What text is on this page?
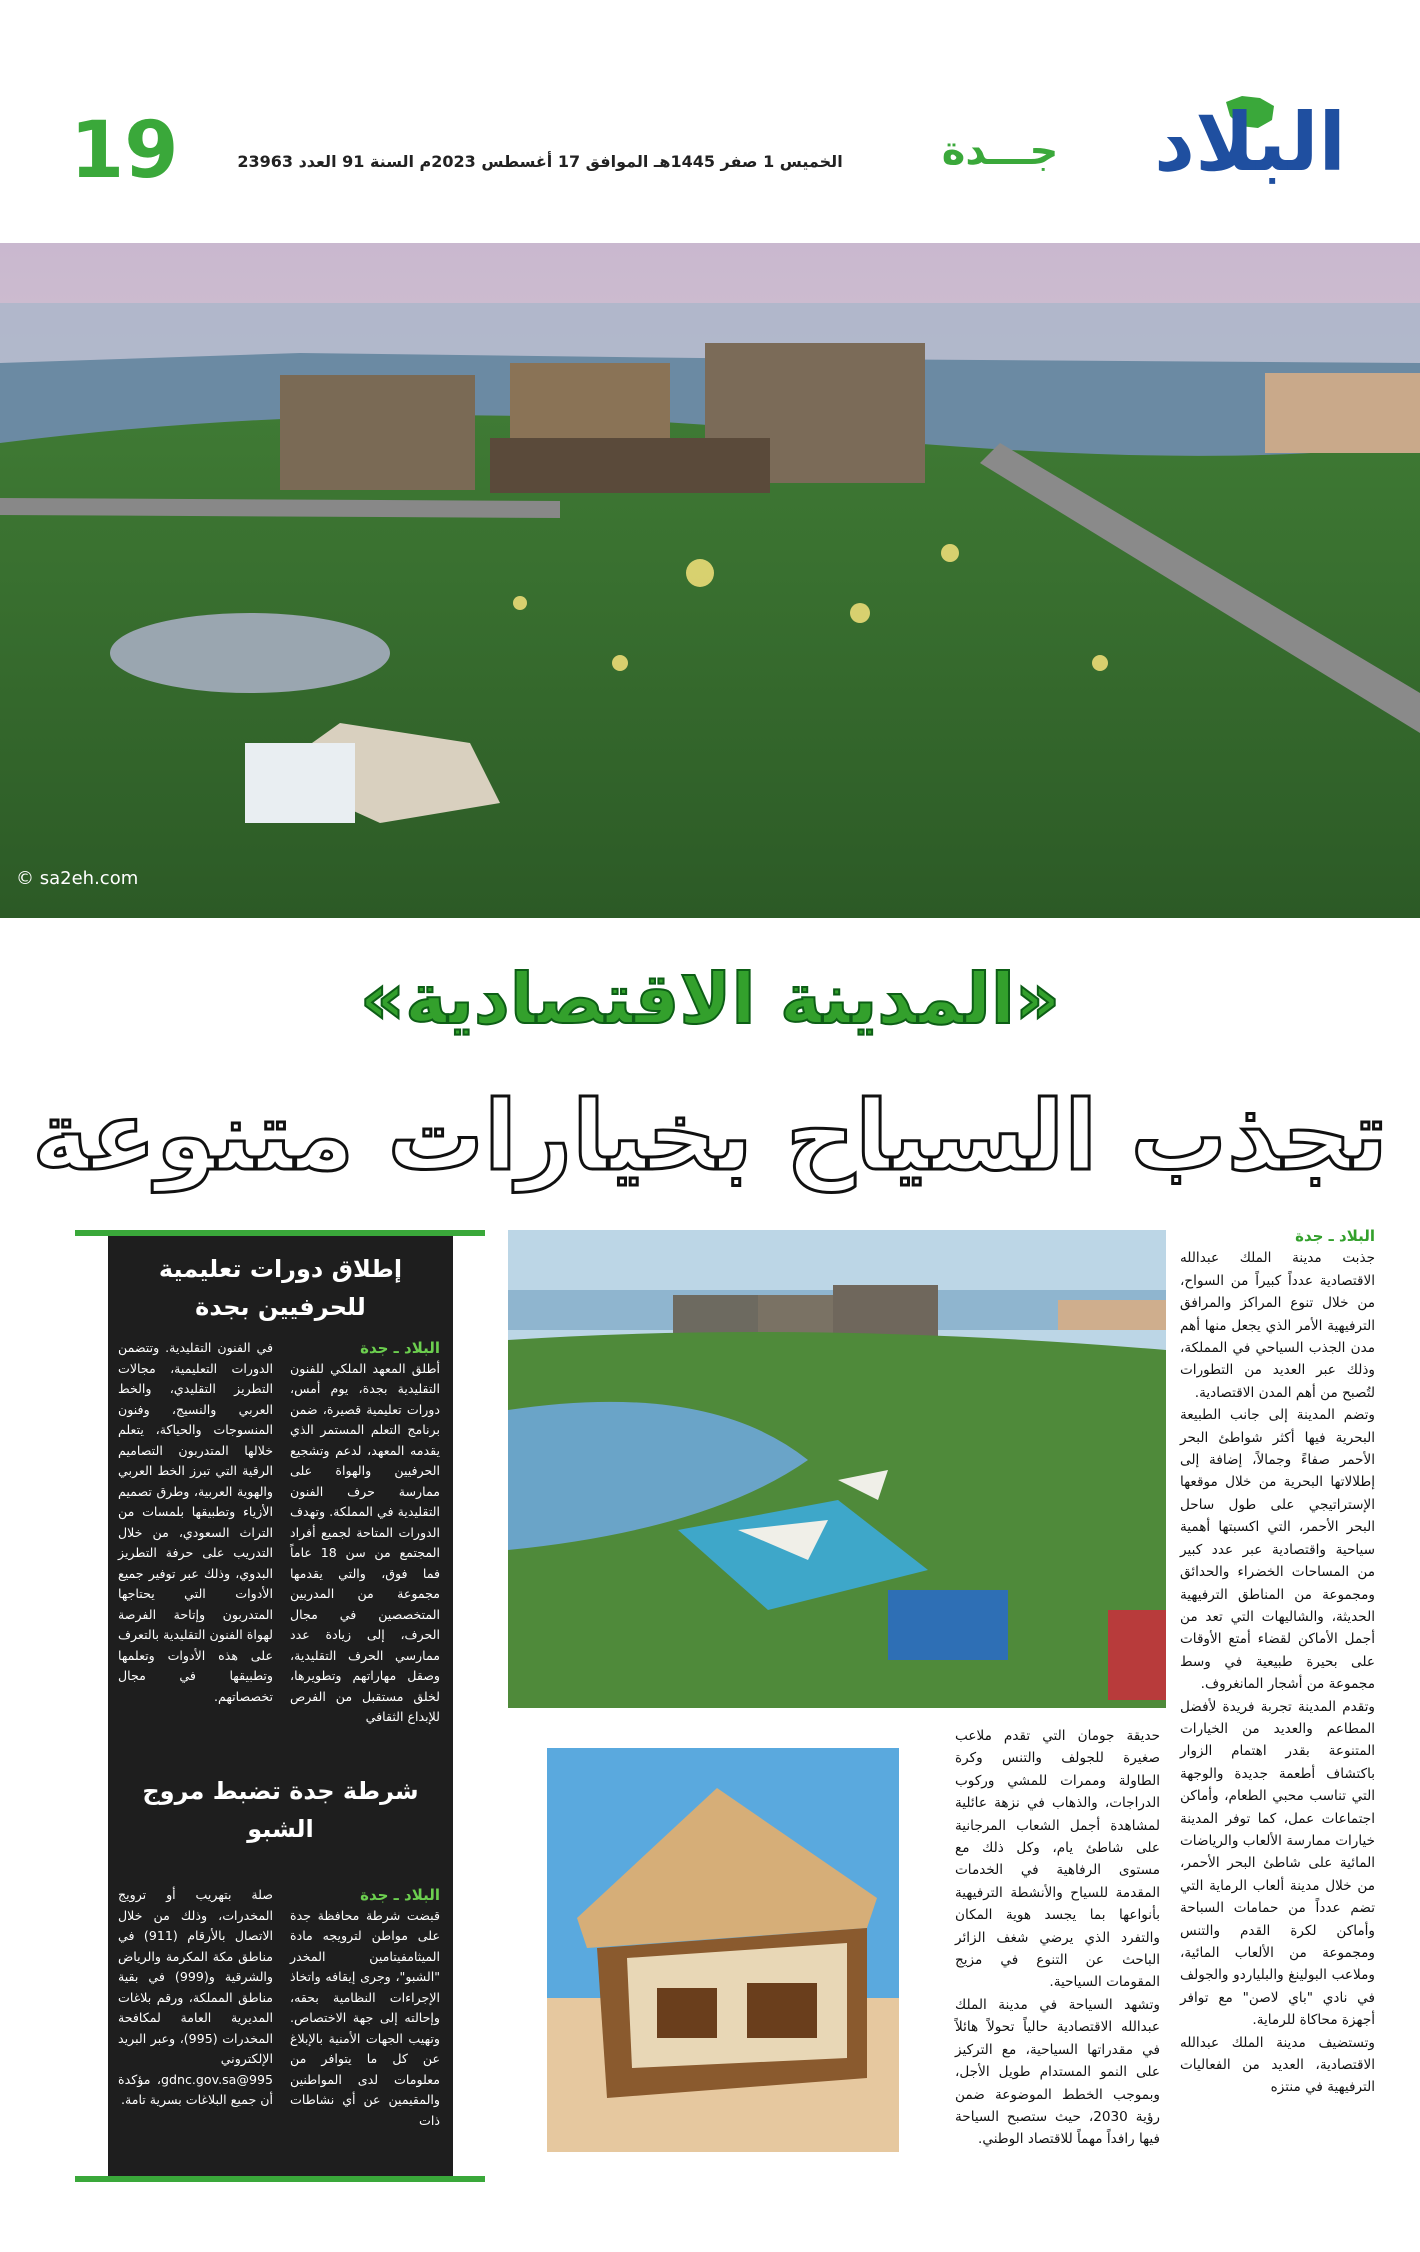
19	الخميس 1 صفر 1445هـ الموافق 17 أغسطس 2023م السنة 91 العدد 23963 جـــدة	البلاد
© sa2eh.com
«المدينة الاقتصادية»
تجذب السياح بخيارات متنوعة
البلاد ـ جدة
جذبت مدينة الملك عبدالله الاقتصادية عدداً كبيراً من السواح، من خلال تنوع المراكز والمرافق الترفيهية الأمر الذي يجعل منها أهم مدن الجذب السياحي في المملكة، وذلك عبر العديد من التطورات لتُصبح من أهم المدن الاقتصادية.
وتضم المدينة إلى جانب الطبيعة البحرية فيها أكثر شواطئ البحر الأحمر صفاءً وجمالاً، إضافة إلى إطلالاتها البحرية من خلال موقعها الإستراتيجي على طول ساحل البحر الأحمر، التي اكسبتها أهمية سياحية واقتصادية عبر عدد كبير من المساحات الخضراء والحدائق ومجموعة من المناطق الترفيهية الحديثة، والشاليهات التي تعد من أجمل الأماكن لقضاء أمتع الأوقات على بحيرة طبيعية في وسط مجموعة من أشجار المانغروف.
وتقدم المدينة تجربة فريدة لأفضل المطاعم والعديد من الخيارات المتنوعة بقدر اهتمام الزوار باكتشاف أطعمة جديدة والوجهة التي تناسب محبي الطعام، وأماكن اجتماعات عمل، كما توفر المدينة خيارات ممارسة الألعاب والرياضات المائية على شاطئ البحر الأحمر، من خلال مدينة ألعاب الرماية التي تضم عدداً من حمامات السباحة وأماكن لكرة القدم والتنس ومجموعة من الألعاب المائية، وملاعب البولينغ والبلياردو والجولف في نادي "باي لاصن" مع توافر أجهزة محاكاة للرماية.
وتستضيف مدينة الملك عبدالله الاقتصادية، العديد من الفعاليات الترفيهية في منتزه
حديقة جومان التي تقدم ملاعب صغيرة للجولف والتنس وكرة الطاولة وممرات للمشي وركوب الدراجات، والذهاب في نزهة عائلية لمشاهدة أجمل الشعاب المرجانية على شاطئ يام، وكل ذلك مع مستوى الرفاهية في الخدمات المقدمة للسياح والأنشطة الترفيهية بأنواعها بما يجسد هوية المكان والتفرد الذي يرضي شغف الزائر الباحث عن التنوع في مزيج المقومات السياحية.
وتشهد السياحة في مدينة الملك عبدالله الاقتصادية حالياً تحولاً هائلاً في مقدراتها السياحية، مع التركيز على النمو المستدام طويل الأجل، وبموجب الخطط الموضوعة ضمن رؤية 2030، حيث ستصبح السياحة فيها رافداً مهماً للاقتصاد الوطني.
إطلاق دورات تعليمية للحرفيين بجدة
البلاد ـ جدة
أطلق المعهد الملكي للفنون التقليدية بجدة، يوم أمس، دورات تعليمية قصيرة، ضمن برنامج التعلم المستمر الذي يقدمه المعهد، لدعم وتشجيع الحرفيين والهواة على ممارسة حرف الفنون التقليدية في المملكة. وتهدف الدورات المتاحة لجميع أفراد المجتمع من سن 18 عاماً فما فوق، والتي يقدمها مجموعة من المدربين المتخصصين في مجال الحرف، إلى زيادة عدد ممارسي الحرف التقليدية، وصقل مهاراتهم وتطويرها، لخلق مستقبل من الفرص للإبداع الثقافي
في الفنون التقليدية. وتتضمن الدورات التعليمية، مجالات التطريز التقليدي، والخط العربي والنسيج، وفنون المنسوجات والحياكة، يتعلم خلالها المتدربون التصاميم الرقية التي تبرز الخط العربي والهوية العربية، وطرق تصميم الأزياء وتطبيقها بلمسات من التراث السعودي، من خلال التدريب على حرفة التطريز البدوي، وذلك عبر توفير جميع الأدوات التي يحتاجها المتدربون وإتاحة الفرصة لهواة الفنون التقليدية بالتعرف على هذه الأدوات وتعلمها وتطبيقها في مجال تخصصاتهم.
شرطة جدة تضبط مروج الشبو
البلاد ـ جدة
قبضت شرطة محافظة جدة على مواطن لترويجه مادة الميثامفيتامين المخدر "الشبو"، وجرى إيقافه واتخاذ الإجراءات النظامية بحقه، وإحالته إلى جهة الاختصاص. وتهيب الجهات الأمنية بالإبلاغ عن كل ما يتوافر من معلومات لدى المواطنين والمقيمين عن أي نشاطات ذات
صلة بتهريب أو ترويج المخدرات، وذلك من خلال الاتصال بالأرقام (911) في مناطق مكة المكرمة والرياض والشرقية و(999) في بقية مناطق المملكة، ورقم بلاغات المديرية العامة لمكافحة المخدرات (995)، وعبر البريد الإلكتروني 995@gdnc.gov.sa، مؤكدة أن جميع البلاغات بسرية تامة.
